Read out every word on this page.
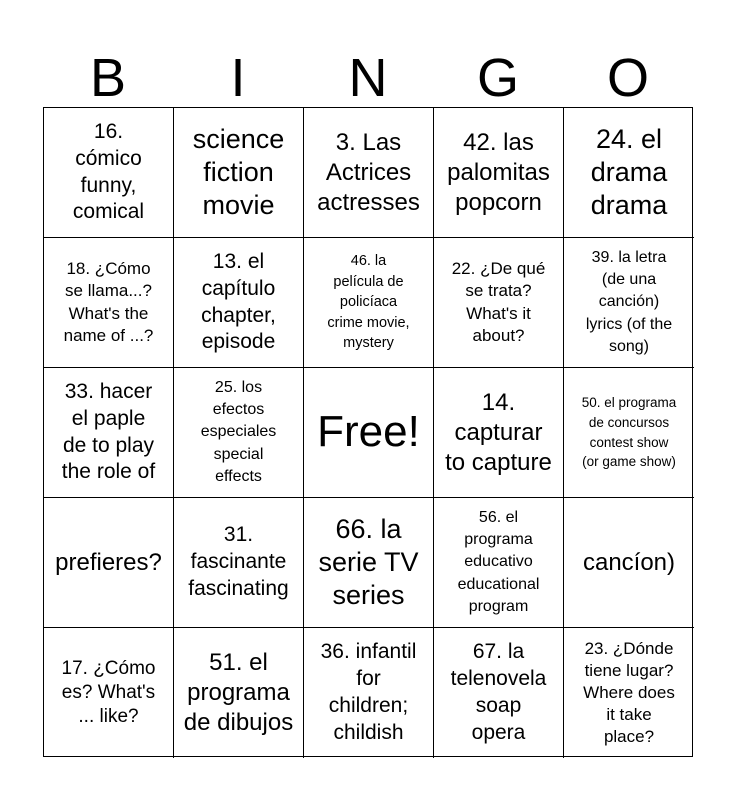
B	I	N	G	O
16.
cómico
funny,
comical
science
fiction
movie
3. Las
Actrices
actresses
42. las
palomitas
popcorn
24. el
drama
drama
18. ¿Cómo
se llama...?
What's the
name of ...?
13. el
capítulo
chapter,
episode
46. la
película de
policíaca
crime movie,
mystery
22. ¿De qué
se trata?
What's it
about?
39. la letra
(de una
canción)
lyrics (of the
song)
33. hacer
el paple
de to play
the role of
25. los
efectos
especiales
special
effects
Free!
14.
capturar
to capture
50. el programa
de concursos
contest show
(or game show)
prefieres?
31.
fascinante
fascinating
66. la
serie TV
series
56. el
programa
educativo
educational
program
cancíon)
17. ¿Cómo
es? What's
... like?
51. el
programa
de dibujos
36. infantil
for
children;
childish
67. la
telenovela
soap
opera
23. ¿Dónde
tiene lugar?
Where does
it take
place?
